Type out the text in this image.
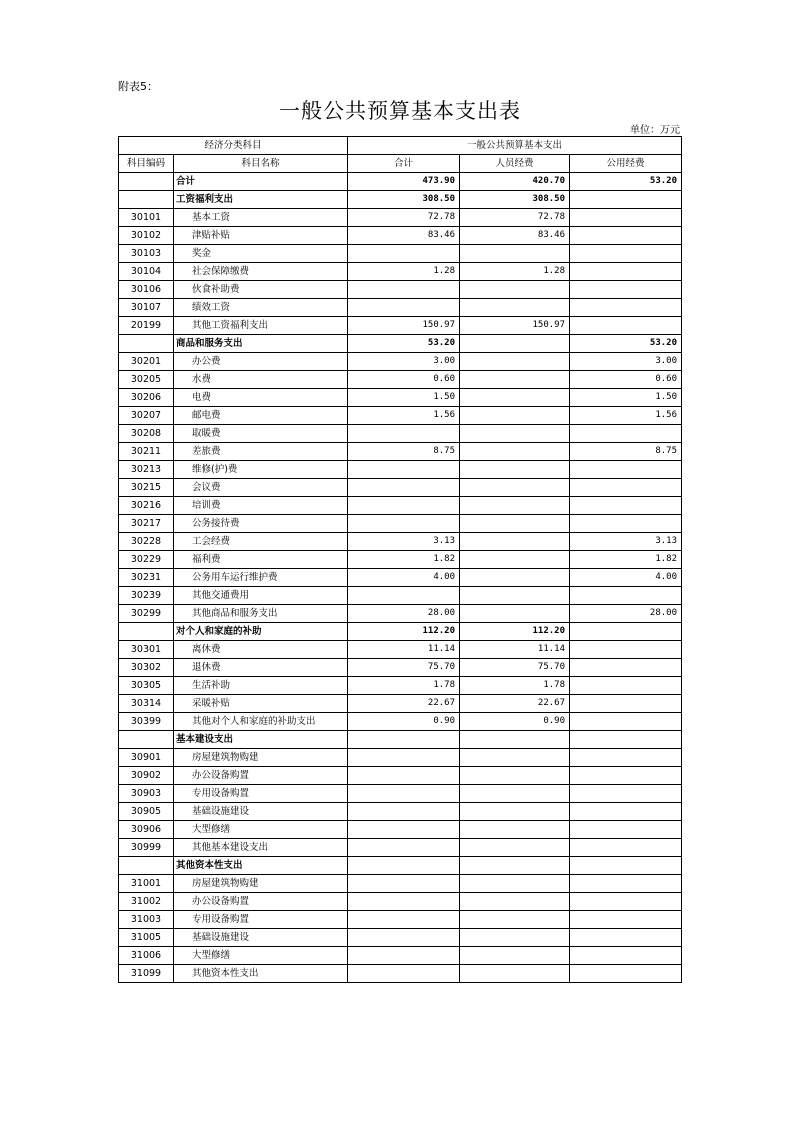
附表5：
一般公共预算基本支出表
单位：万元
经济分类科目		一般公共预算基本支出		
科目编码	科目名称	合计	人员经费	公用经费
	合计	473.90	420.70	53.20
	工资福利支出	308.50	308.50	
30101	基本工资	72.78	72.78	
30102	津贴补贴	83.46	83.46	
30103	奖金			
30104	社会保障缴费	1.28	1.28	
30106	伙食补助费			
30107	绩效工资			
20199	其他工资福利支出	150.97	150.97	
	商品和服务支出	53.20		53.20
30201	办公费	3.00		3.00
30205	水费	0.60		0.60
30206	电费	1.50		1.50
30207	邮电费	1.56		1.56
30208	取暖费			
30211	差旅费	8.75		8.75
30213	维修(护)费			
30215	会议费			
30216	培训费			
30217	公务接待费			
30228	工会经费	3.13		3.13
30229	福利费	1.82		1.82
30231	公务用车运行维护费	4.00		4.00
30239	其他交通费用			
30299	其他商品和服务支出	28.00		28.00
	对个人和家庭的补助	112.20	112.20	
30301	离休费	11.14	11.14	
30302	退休费	75.70	75.70	
30305	生活补助	1.78	1.78	
30314	采暖补贴	22.67	22.67	
30399	其他对个人和家庭的补助支出	0.90	0.90	
	基本建设支出			
30901	房屋建筑物购建			
30902	办公设备购置			
30903	专用设备购置			
30905	基础设施建设			
30906	大型修缮			
30999	其他基本建设支出			
	其他资本性支出			
31001	房屋建筑物购建			
31002	办公设备购置			
31003	专用设备购置			
31005	基础设施建设			
31006	大型修缮			
31099	其他资本性支出			
